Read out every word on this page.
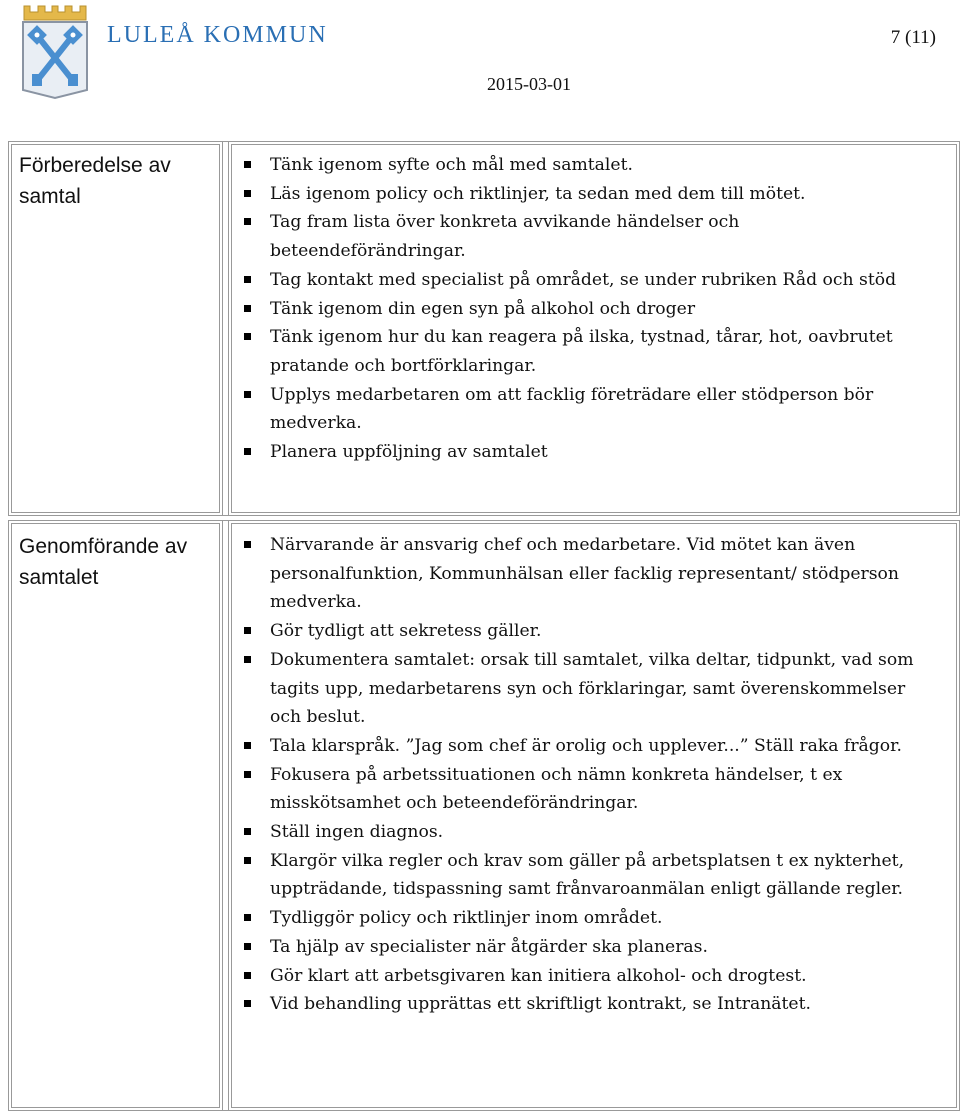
LULEÅ KOMMUN	7 (11)
2015-03-01
Förberedelse av samtal
Tänk igenom syfte och mål med samtalet.
Läs igenom policy och riktlinjer, ta sedan med dem till mötet.
Tag fram lista över konkreta avvikande händelser och beteendeförändringar.
Tag kontakt med specialist på området, se under rubriken Råd och stöd
Tänk igenom din egen syn på alkohol och droger
Tänk igenom hur du kan reagera på ilska, tystnad, tårar, hot, oavbrutet pratande och bortförklaringar.
Upplys medarbetaren om att facklig företrädare eller stödperson bör medverka.
Planera uppföljning av samtalet
Genomförande av samtalet
Närvarande är ansvarig chef och medarbetare. Vid mötet kan även personalfunktion, Kommunhälsan eller facklig representant/ stödperson medverka.
Gör tydligt att sekretess gäller.
Dokumentera samtalet: orsak till samtalet, vilka deltar, tidpunkt, vad som tagits upp, medarbetarens syn och förklaringar, samt överenskommelser och beslut.
Tala klarspråk. ”Jag som chef är orolig och upplever...” Ställ raka frågor.
Fokusera på arbetssituationen och nämn konkreta händelser, t ex misskötsamhet och beteendeförändringar.
Ställ ingen diagnos.
Klargör vilka regler och krav som gäller på arbetsplatsen t ex nykterhet, uppträdande, tidspassning samt frånvaroanmälan enligt gällande regler.
Tydliggör policy och riktlinjer inom området.
Ta hjälp av specialister när åtgärder ska planeras.
Gör klart att arbetsgivaren kan initiera alkohol- och drogtest.
Vid behandling upprättas ett skriftligt kontrakt, se Intranätet.
